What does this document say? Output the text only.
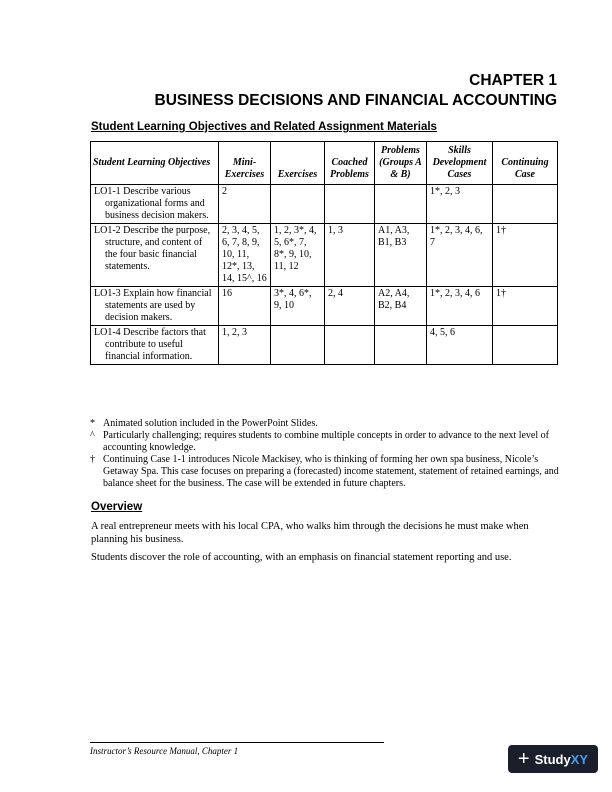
CHAPTER 1
BUSINESS DECISIONS AND FINANCIAL ACCOUNTING
Student Learning Objectives and Related Assignment Materials
Student Learning Objectives	Mini-Exercises	Exercises	Coached Problems	Problems (Groups A & B)	Skills Development Cases	Continuing Case

LO1-1 Describe various organizational forms and business decision makers.	2				1*, 2, 3	

LO1-2 Describe the purpose, structure, and content of the four basic financial statements.	2, 3, 4, 5, 6, 7, 8, 9, 10, 11, 12*, 13, 14, 15^, 16	1, 2, 3*, 4, 5, 6*, 7, 8*, 9, 10, 11, 12	1, 3	A1, A3, B1, B3	1*, 2, 3, 4, 6, 7	1†

LO1-3 Explain how financial statements are used by decision makers.	16	3*, 4, 6*, 9, 10	2, 4	A2, A4, B2, B4	1*, 2, 3, 4, 6	1†

LO1-4 Describe factors that contribute to useful financial information.	1, 2, 3				4, 5, 6	
* Animated solution included in the PowerPoint Slides.
^ Particularly challenging; requires students to combine multiple concepts in order to advance to the next level of accounting knowledge.
† Continuing Case 1-1 introduces Nicole Mackisey, who is thinking of forming her own spa business, Nicole’s Getaway Spa. This case focuses on preparing a (forecasted) income statement, statement of retained earnings, and balance sheet for the business. The case will be extended in future chapters.
Overview
A real entrepreneur meets with his local CPA, who walks him through the decisions he must make when planning his business.
Students discover the role of accounting, with an emphasis on financial statement reporting and use.
Instructor’s Resource Manual, Chapter 1	+ StudyXY
